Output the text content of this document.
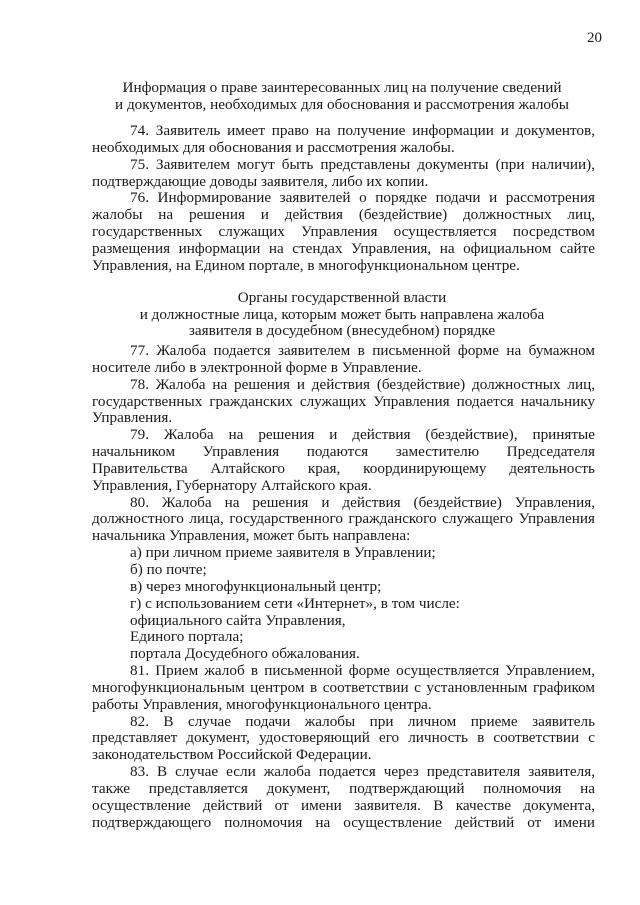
20
Информация о праве заинтересованных лиц на получение сведений
и документов, необходимых для обоснования и рассмотрения жалобы

74. Заявитель имеет право на получение информации и документов, необходимых для обоснования и рассмотрения жалобы.

75. Заявителем могут быть представлены документы (при наличии), подтверждающие доводы заявителя, либо их копии.

76. Информирование заявителей о порядке подачи и рассмотрения жалобы на решения и действия (бездействие) должностных лиц, государственных служащих Управления осуществляется посредством размещения информации на стендах Управления, на официальном сайте Управления, на Едином портале, в многофункциональном центре.

Органы государственной власти
и должностные лица, которым может быть направлена жалоба
заявителя в досудебном (внесудебном) порядке

77. Жалоба подается заявителем в письменной форме на бумажном носителе либо в электронной форме в Управление.

78. Жалоба на решения и действия (бездействие) должностных лиц, государственных гражданских служащих Управления подается начальнику Управления.

79. Жалоба на решения и действия (бездействие), принятые начальником Управления подаются заместителю Председателя Правительства Алтайского края, координирующему деятельность Управления, Губернатору Алтайского края.

80. Жалоба на решения и действия (бездействие) Управления, должностного лица, государственного гражданского служащего Управления начальника Управления, может быть направлена:

а) при личном приеме заявителя в Управлении;

б) по почте;

в) через многофункциональный центр;

г) с использованием сети «Интернет», в том числе:

официального сайта Управления,

Единого портала;

портала Досудебного обжалования.

81. Прием жалоб в письменной форме осуществляется Управлением, многофункциональным центром в соответствии с установленным графиком работы Управления, многофункционального центра.

82. В случае подачи жалобы при личном приеме заявитель представляет документ, удостоверяющий его личность в соответствии с законодательством Российской Федерации.

83. В случае если жалоба подается через представителя заявителя, также представляется документ, подтверждающий полномочия на осуществление действий от имени заявителя. В качестве документа, подтверждающего полномочия на осуществление действий от имени
